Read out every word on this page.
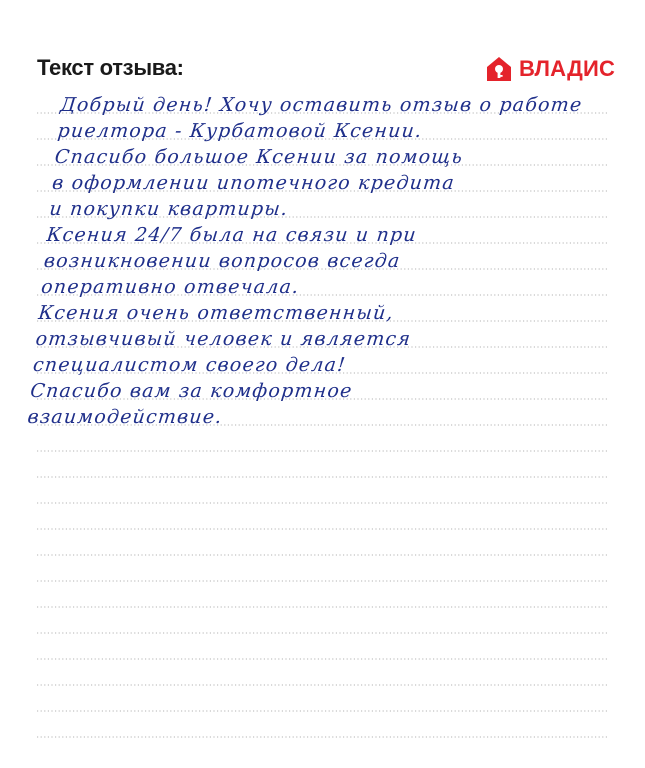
Текст отзыва:	ВЛАДИС
Добрый день! Хочу оставить отзыв о работе
риелтора - Курбатовой Ксении.
Спасибо большое Ксении за помощь
в оформлении ипотечного кредита
и покупки квартиры.
Ксения 24/7 была на связи и при
возникновении вопросов всегда
оперативно отвечала.
Ксения очень ответственный,
отзывчивый человек и является
специалистом своего дела!
Спасибо вам за комфортное
взаимодействие.
